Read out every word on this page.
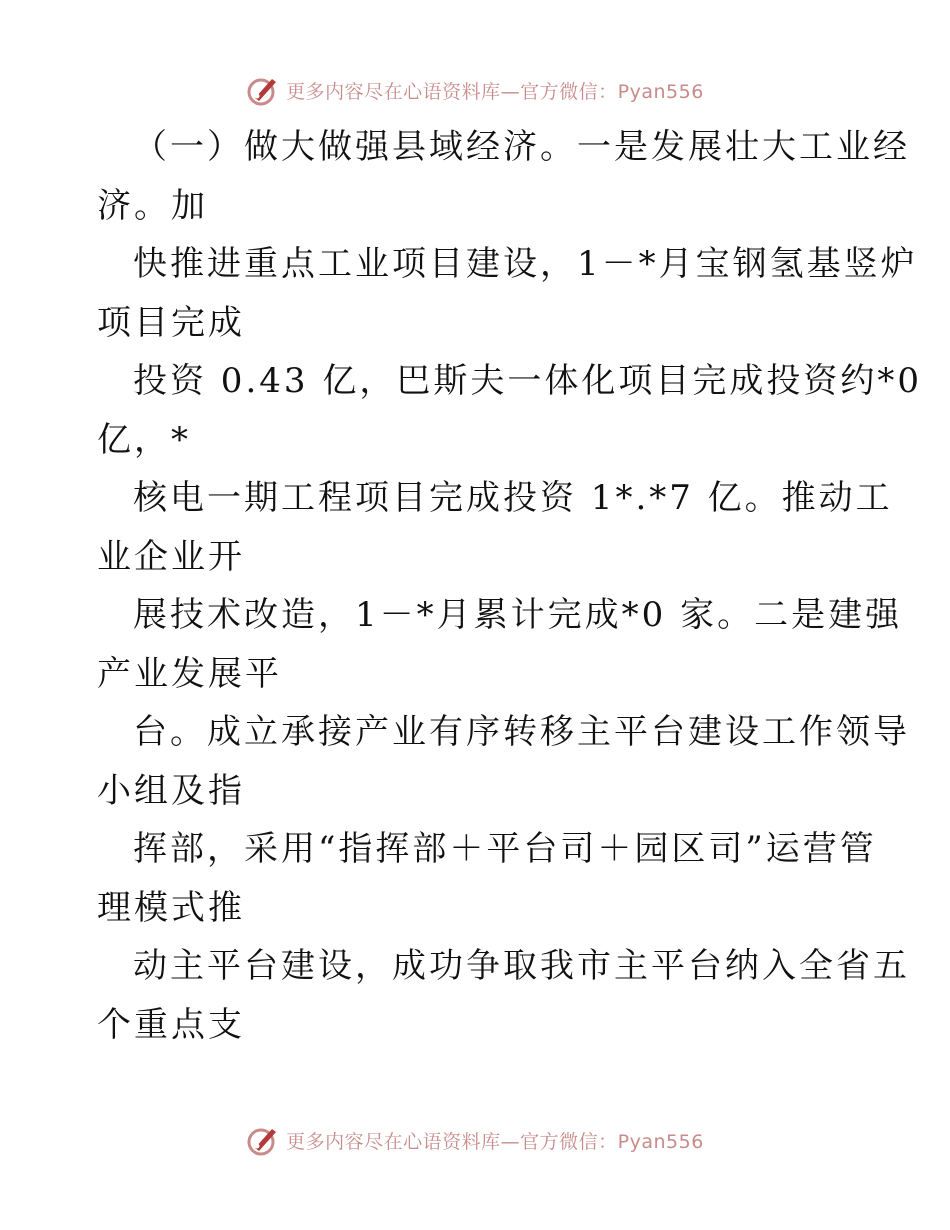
更多内容尽在心语资料库—官方微信：Pyan556
（一）做大做强县域经济。一是发展壮大工业经
济。加
快推进重点工业项目建设，1－*月宝钢氢基竖炉
项目完成
投资 0.43 亿，巴斯夫一体化项目完成投资约*0
亿，*
核电一期工程项目完成投资 1*.*7 亿。推动工
业企业开
展技术改造，1－*月累计完成*0 家。二是建强
产业发展平
台。成立承接产业有序转移主平台建设工作领导
小组及指
挥部，采用“指挥部＋平台司＋园区司”运营管
理模式推
动主平台建设，成功争取我市主平台纳入全省五
个重点支
更多内容尽在心语资料库—官方微信：Pyan556
